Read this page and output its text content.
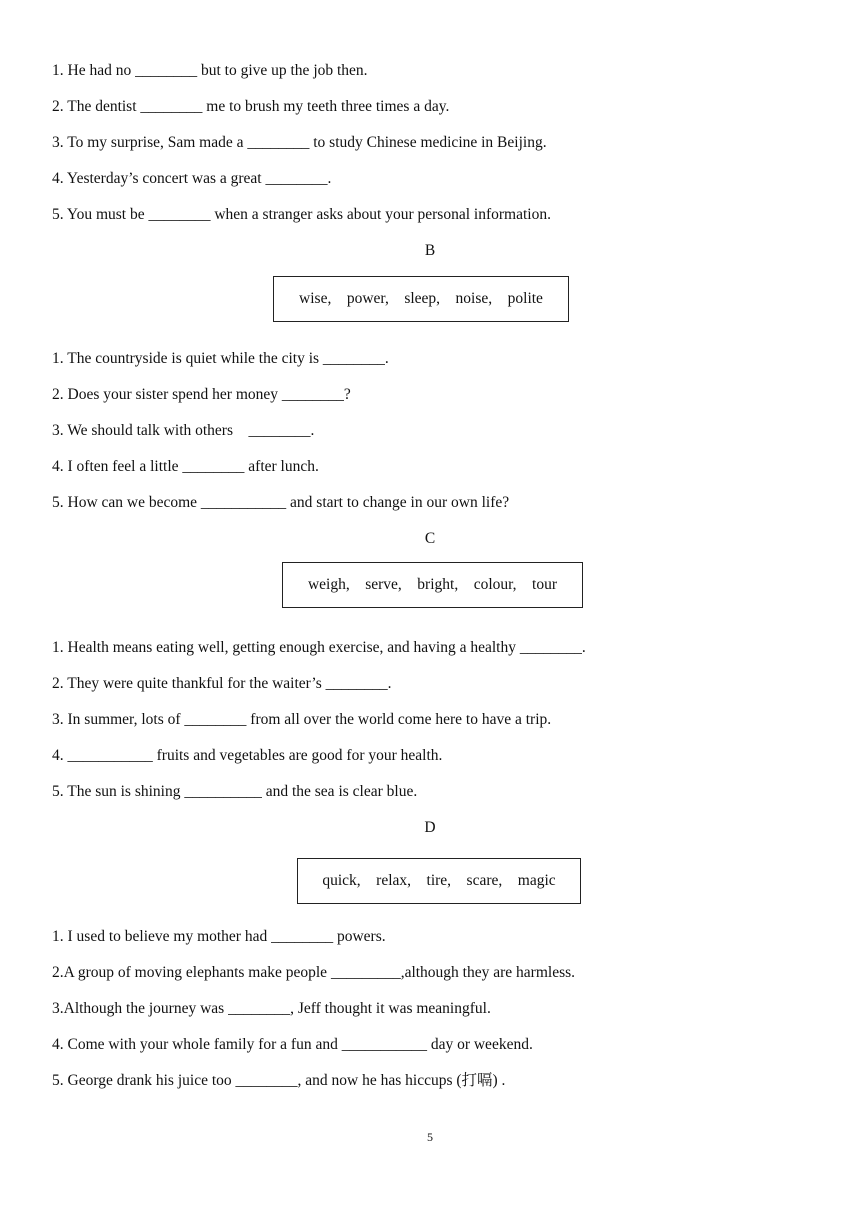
1. He had no ________ but to give up the job then.

2. The dentist ________ me to brush my teeth three times a day.

3. To my surprise, Sam made a ________ to study Chinese medicine in Beijing.

4. Yesterday’s concert was a great ________.

5. You must be ________ when a stranger asks about your personal information.

B

wise,    power,    sleep,    noise,    polite

1. The countryside is quiet while the city is ________.

2. Does your sister spend her money ________?

3. We should talk with others    ________.

4. I often feel a little ________ after lunch.

5. How can we become ___________ and start to change in our own life?

C

weigh,    serve,    bright,    colour,    tour

1. Health means eating well, getting enough exercise, and having a healthy ________.

2. They were quite thankful for the waiter’s ________.

3. In summer, lots of ________ from all over the world come here to have a trip.

4. ___________ fruits and vegetables are good for your health.

5. The sun is shining __________ and the sea is clear blue.

D

quick,    relax,    tire,    scare,    magic

1. I used to believe my mother had ________ powers.

2.A group of moving elephants make people _________,although they are harmless.

3.Although the journey was ________, Jeff thought it was meaningful.

4. Come with your whole family for a fun and ___________ day or weekend.

5. George drank his juice too ________, and now he has hiccups (打嗝) .

5
